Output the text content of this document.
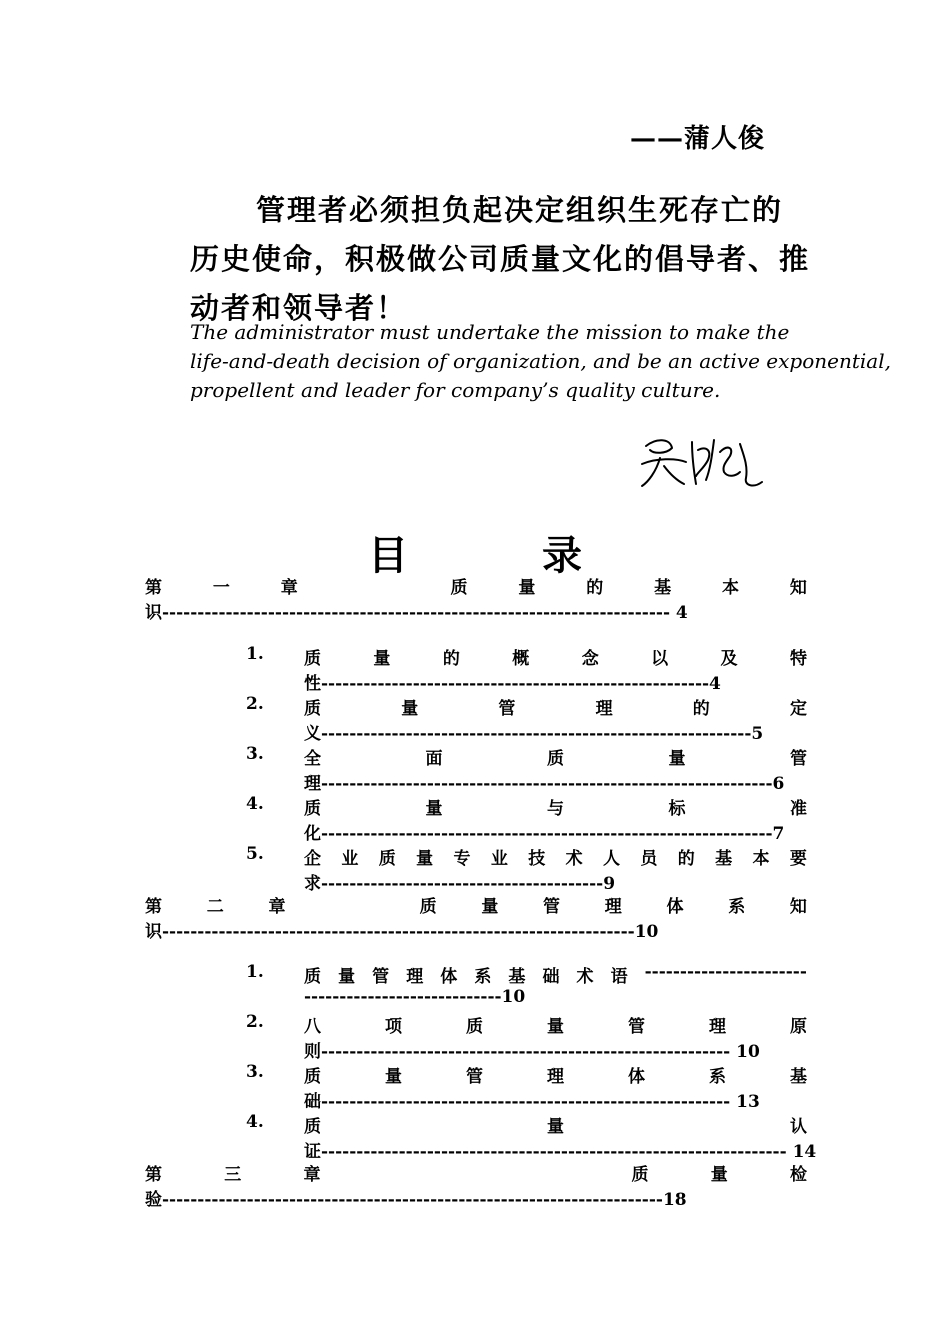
——蒲人俊
管理者必须担负起决定组织生死存亡的
历史使命，积极做公司质量文化的倡导者、推
动者和领导者！
The administrator must undertake the mission to make the
life-and-death decision of organization, and be an active exponential,
propellent and leader for company’s quality culture.
目 录
第	一	章	质	量	的	基	本	知
识------------------------------------------------------------------------ 4
1. 质	量	的	概	念	以	及	特
性-------------------------------------------------------4
2. 质	量	管	理	的	定
义-------------------------------------------------------------5
3. 全	面	质	量	管
理----------------------------------------------------------------6
4. 质	量	与	标	准
化----------------------------------------------------------------7
5. 企 业 质 量 专 业 技 术 人 员 的 基 本 要
求----------------------------------------9
第	二	章	质	量	管	理	体	系	知
识-------------------------------------------------------------------10
1. 质 量 管 理 体 系 基 础 术 语 -----------------------
----------------------------10
2. 八	项	质	量	管	理	原
则---------------------------------------------------------- 10
3. 质	量	管	理	体	系	基
础---------------------------------------------------------- 13
4. 质	量	认
证------------------------------------------------------------------ 14
第	三	章	质	量	检
验-----------------------------------------------------------------------18
